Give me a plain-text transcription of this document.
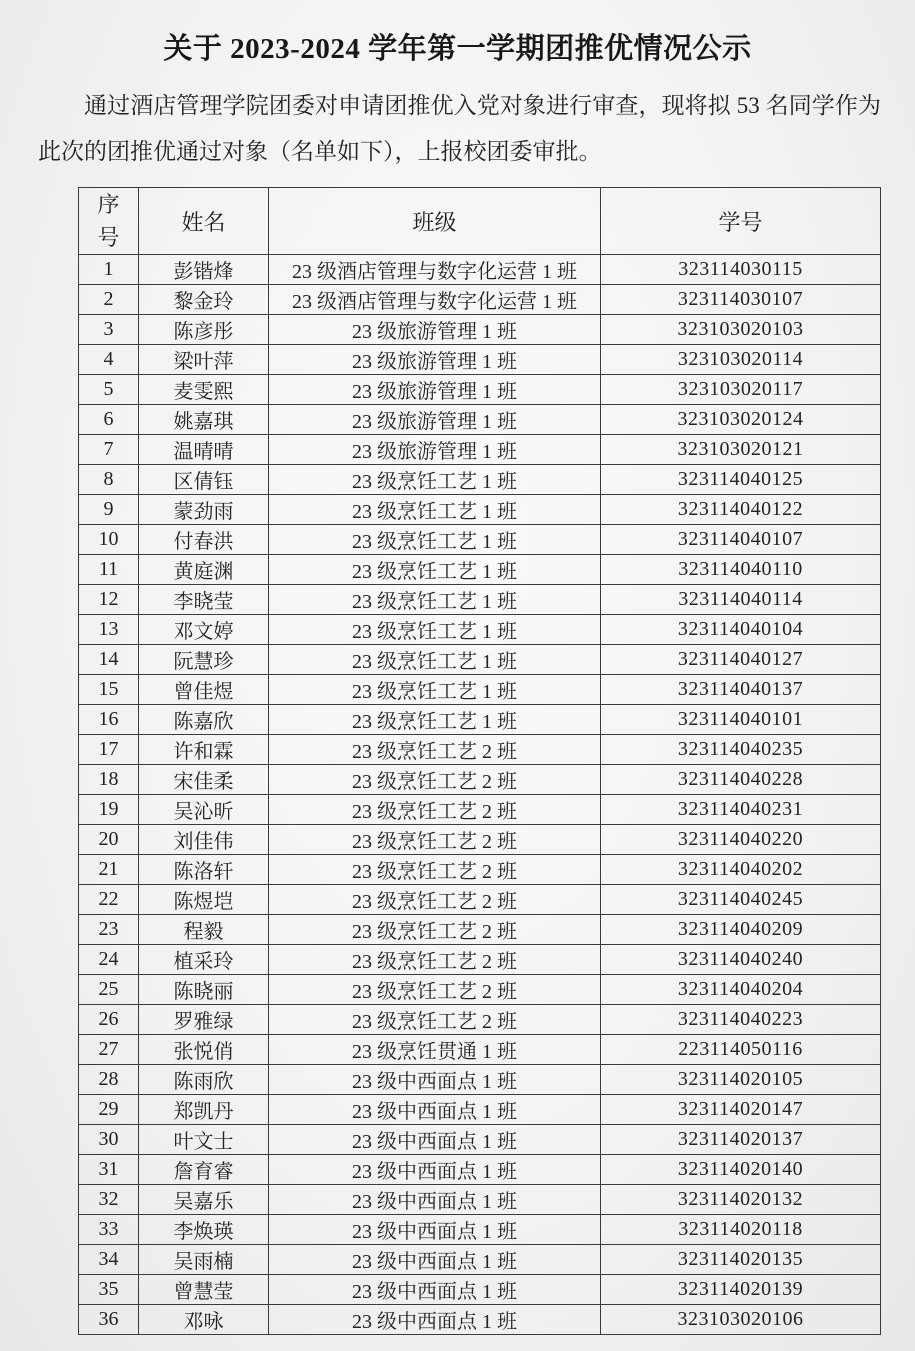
关于 2023-2024 学年第一学期团推优情况公示

通过酒店管理学院团委对申请团推优入党对象进行审查，现将拟 53 名同学作为此次的团推优通过对象（名单如下），上报校团委审批。

序号	姓名	班级	学号
1	彭锴烽	23 级酒店管理与数字化运营 1 班	323114030115
2	黎金玲	23 级酒店管理与数字化运营 1 班	323114030107
3	陈彦彤	23 级旅游管理 1 班	323103020103
4	梁叶萍	23 级旅游管理 1 班	323103020114
5	麦雯熙	23 级旅游管理 1 班	323103020117
6	姚嘉琪	23 级旅游管理 1 班	323103020124
7	温晴晴	23 级旅游管理 1 班	323103020121
8	区倩钰	23 级烹饪工艺 1 班	323114040125
9	蒙劲雨	23 级烹饪工艺 1 班	323114040122
10	付春洪	23 级烹饪工艺 1 班	323114040107
11	黄庭渊	23 级烹饪工艺 1 班	323114040110
12	李晓莹	23 级烹饪工艺 1 班	323114040114
13	邓文婷	23 级烹饪工艺 1 班	323114040104
14	阮慧珍	23 级烹饪工艺 1 班	323114040127
15	曾佳煜	23 级烹饪工艺 1 班	323114040137
16	陈嘉欣	23 级烹饪工艺 1 班	323114040101
17	许和霖	23 级烹饪工艺 2 班	323114040235
18	宋佳柔	23 级烹饪工艺 2 班	323114040228
19	吴沁昕	23 级烹饪工艺 2 班	323114040231
20	刘佳伟	23 级烹饪工艺 2 班	323114040220
21	陈洛轩	23 级烹饪工艺 2 班	323114040202
22	陈煜垲	23 级烹饪工艺 2 班	323114040245
23	程毅	23 级烹饪工艺 2 班	323114040209
24	植采玲	23 级烹饪工艺 2 班	323114040240
25	陈晓丽	23 级烹饪工艺 2 班	323114040204
26	罗雅绿	23 级烹饪工艺 2 班	323114040223
27	张悦俏	23 级烹饪贯通 1 班	223114050116
28	陈雨欣	23 级中西面点 1 班	323114020105
29	郑凯丹	23 级中西面点 1 班	323114020147
30	叶文士	23 级中西面点 1 班	323114020137
31	詹育睿	23 级中西面点 1 班	323114020140
32	吴嘉乐	23 级中西面点 1 班	323114020132
33	李焕瑛	23 级中西面点 1 班	323114020118
34	吴雨楠	23 级中西面点 1 班	323114020135
35	曾慧莹	23 级中西面点 1 班	323114020139
36	邓咏	23 级中西面点 1 班	323103020106
